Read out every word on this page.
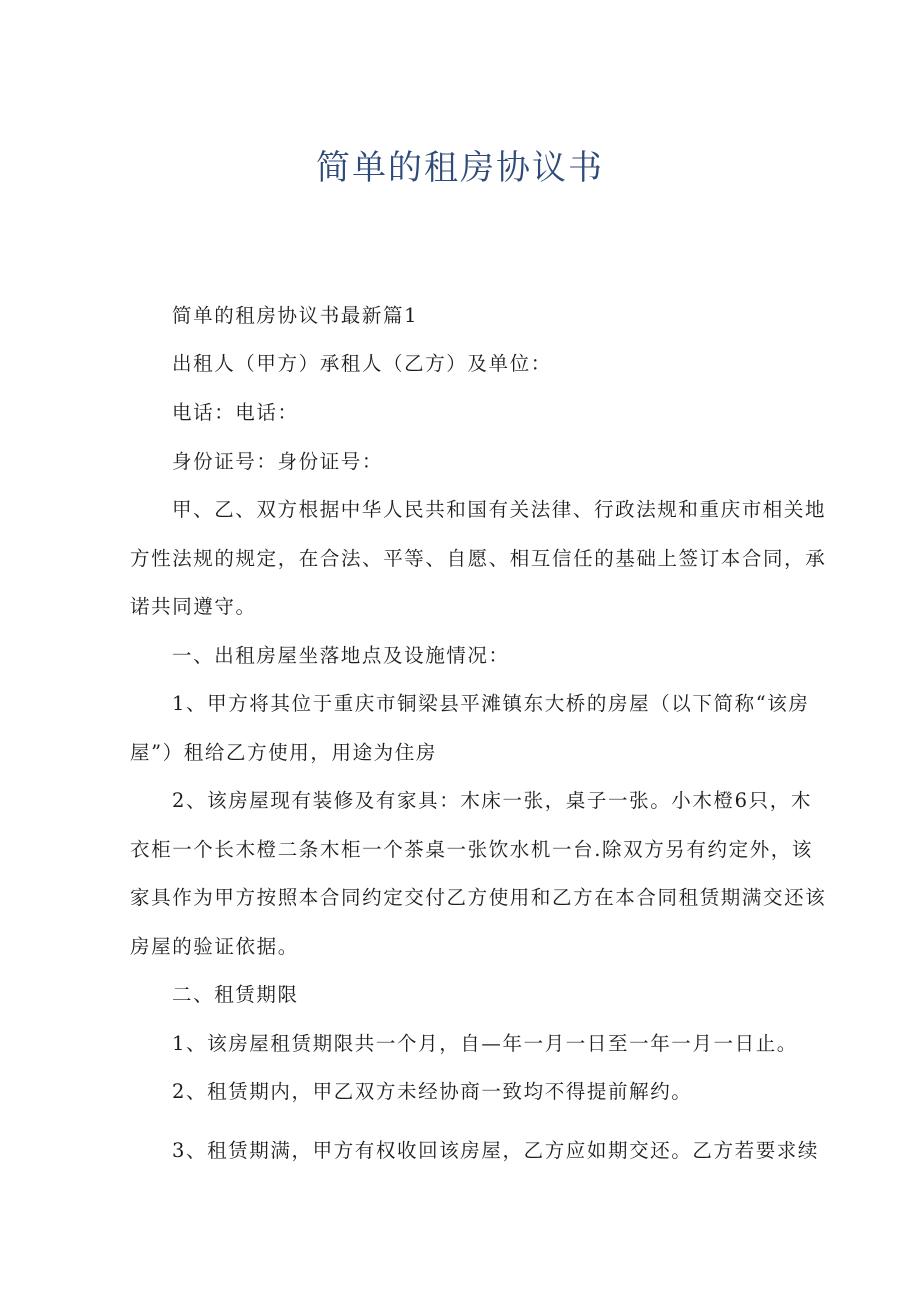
简单的租房协议书
简单的租房协议书最新篇1
出租人（甲方）承租人（乙方）及单位：
电话：电话：
身份证号：身份证号：
甲、乙、双方根据中华人民共和国有关法律、行政法规和重庆市相关地
方性法规的规定，在合法、平等、自愿、相互信任的基础上签订本合同，承
诺共同遵守。
一、出租房屋坐落地点及设施情况：
1、甲方将其位于重庆市铜梁县平滩镇东大桥的房屋（以下简称“该房
屋”）租给乙方使用，用途为住房
2、该房屋现有装修及有家具：木床一张，桌子一张。小木橙6只，木
衣柜一个长木橙二条木柜一个茶桌一张饮水机一台.除双方另有约定外，该
家具作为甲方按照本合同约定交付乙方使用和乙方在本合同租赁期满交还该
房屋的验证依据。
二、租赁期限
1、该房屋租赁期限共一个月，自—年一月一日至一年一月一日止。
2、租赁期内，甲乙双方未经协商一致均不得提前解约。
3、租赁期满，甲方有权收回该房屋，乙方应如期交还。乙方若要求续
